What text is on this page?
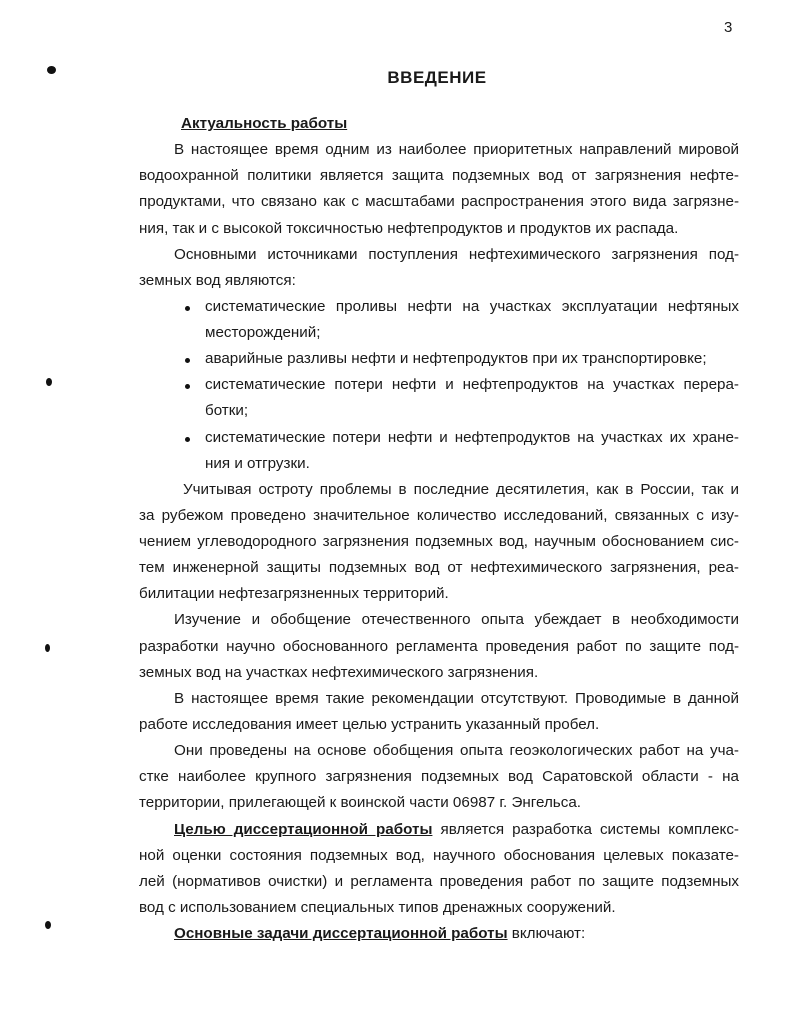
3
ВВЕДЕНИЕ
Актуальность работы
В настоящее время одним из наиболее приоритетных направлений мировой
водоохранной политики является защита подземных вод от загрязнения нефте-
продуктами, что связано как с масштабами распространения этого вида загрязне-
ния, так и с высокой токсичностью нефтепродуктов и продуктов их распада.
Основными источниками поступления нефтехимического загрязнения под-
земных вод являются:
систематические проливы нефти на участках эксплуатации нефтяных
месторождений;
аварийные разливы нефти и нефтепродуктов при их транспортировке;
систематические потери нефти и нефтепродуктов на участках перера-
ботки;
систематические потери нефти и нефтепродуктов на участках их хране-
ния и отгрузки.
Учитывая остроту проблемы в последние десятилетия, как в России, так и
за рубежом проведено значительное количество исследований, связанных с изу-
чением углеводородного загрязнения подземных вод, научным обоснованием сис-
тем инженерной защиты подземных вод от нефтехимического загрязнения, реа-
билитации нефтезагрязненных территорий.
Изучение и обобщение отечественного опыта убеждает в необходимости
разработки научно обоснованного регламента проведения работ по защите под-
земных вод на участках нефтехимического загрязнения.
В настоящее время такие рекомендации отсутствуют. Проводимые в данной
работе исследования имеет целью устранить указанный пробел.
Они проведены на основе обобщения опыта геоэкологических работ на уча-
стке наиболее крупного загрязнения подземных вод Саратовской области - на
территории, прилегающей к воинской части 06987 г. Энгельса.
Целью диссертационной работы является разработка системы комплекс-
ной оценки состояния подземных вод, научного обоснования целевых показате-
лей (нормативов очистки) и регламента проведения работ по защите подземных
вод с использованием специальных типов дренажных сооружений.
Основные задачи диссертационной работы включают:
